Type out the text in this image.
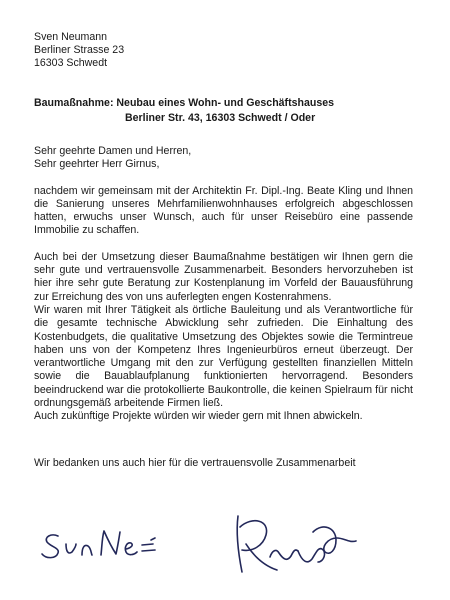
Sven Neumann
Berliner Strasse 23
16303 Schwedt
Baumaßnahme: Neubau eines Wohn- und Geschäftshauses
Berliner Str. 43, 16303 Schwedt / Oder
Sehr geehrte Damen und Herren,
Sehr geehrter Herr Girnus,

nachdem wir gemeinsam mit der Architektin Fr. Dipl.-Ing. Beate Kling und Ihnen die Sanierung unseres Mehrfamilienwohnhauses erfolgreich abgeschlossen hatten, erwuchs unser Wunsch, auch für unser Reisebüro eine passende Immobilie zu schaffen.

Auch bei der Umsetzung dieser Baumaßnahme bestätigen wir Ihnen gern die sehr gute und vertrauensvolle Zusammenarbeit. Besonders hervorzuheben ist hier ihre sehr gute Beratung zur Kostenplanung im Vorfeld der Bauausführung zur Erreichung des von uns auferlegten engen Kostenrahmens.

Wir waren mit Ihrer Tätigkeit als örtliche Bauleitung und als Verantwortliche für die gesamte technische Abwicklung sehr zufrieden. Die Einhaltung des Kostenbudgets, die qualitative Umsetzung des Objektes sowie die Termintreue haben uns von der Kompetenz Ihres Ingenieurbüros erneut überzeugt. Der verantwortliche Umgang mit den zur Verfügung gestellten finanziellen Mitteln sowie die Bauablaufplanung funktionierten hervorragend. Besonders beeindruckend war die protokollierte Baukontrolle, die keinen Spielraum für nicht ordnungsgemäß arbeitende Firmen ließ.

Auch zukünftige Projekte würden wir wieder gern mit Ihnen abwickeln.

Wir bedanken uns auch hier für die vertrauensvolle Zusammenarbeit
